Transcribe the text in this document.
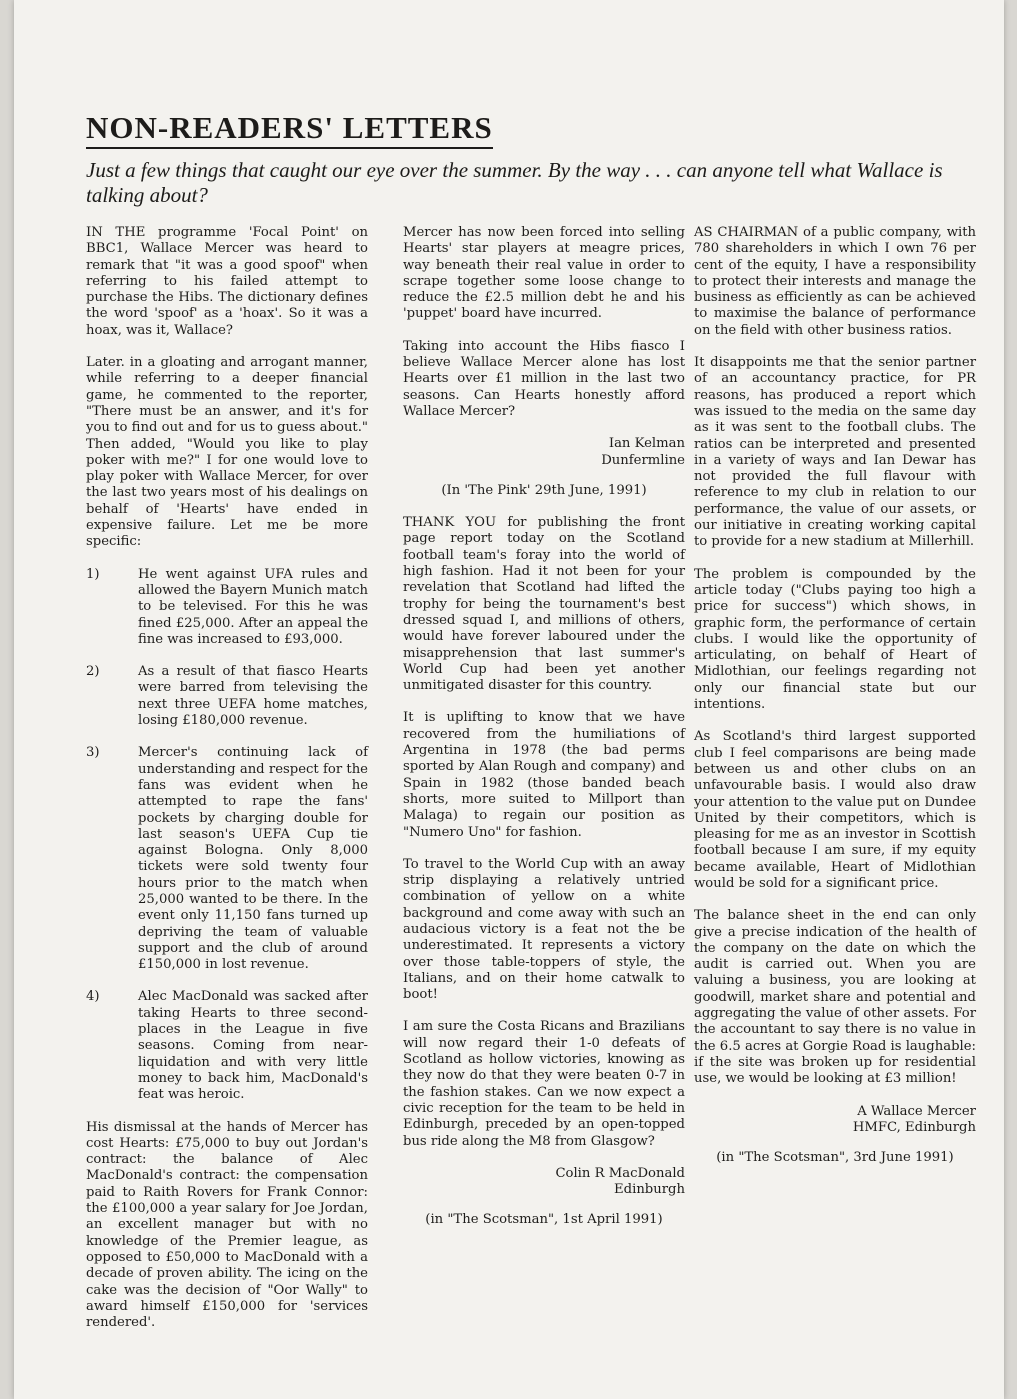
NON-READERS' LETTERS

Just a few things that caught our eye over the summer. By the way . . . can anyone tell what Wallace is talking about?

IN THE programme 'Focal Point' on BBC1, Wallace Mercer was heard to remark that "it was a good spoof" when referring to his failed attempt to purchase the Hibs. The dictionary defines the word 'spoof' as a 'hoax'. So it was a hoax, was it, Wallace?

Later. in a gloating and arrogant manner, while referring to a deeper financial game, he commented to the reporter, "There must be an answer, and it's for you to find out and for us to guess about." Then added, "Would you like to play poker with me?" I for one would love to play poker with Wallace Mercer, for over the last two years most of his dealings on behalf of 'Hearts' have ended in expensive failure. Let me be more specific:

1)	He went against UFA rules and allowed the Bayern Munich match to be televised. For this he was fined £25,000. After an appeal the fine was increased to £93,000.

2)	As a result of that fiasco Hearts were barred from televising the next three UEFA home matches, losing £180,000 revenue.

3)	Mercer's continuing lack of understanding and respect for the fans was evident when he attempted to rape the fans' pockets by charging double for last season's UEFA Cup tie against Bologna. Only 8,000 tickets were sold twenty four hours prior to the match when 25,000 wanted to be there. In the event only 11,150 fans turned up depriving the team of valuable support and the club of around £150,000 in lost revenue.

4)	Alec MacDonald was sacked after taking Hearts to three second-places in the League in five seasons. Coming from near-liquidation and with very little money to back him, MacDonald's feat was heroic.

His dismissal at the hands of Mercer has cost Hearts: £75,000 to buy out Jordan's contract: the balance of Alec MacDonald's contract: the compensation paid to Raith Rovers for Frank Connor: the £100,000 a year salary for Joe Jordan, an excellent manager but with no knowledge of the Premier league, as opposed to £50,000 to MacDonald with a decade of proven ability. The icing on the cake was the decision of "Oor Wally" to award himself £150,000 for 'services rendered'.

Mercer has now been forced into selling Hearts' star players at meagre prices, way beneath their real value in order to scrape together some loose change to reduce the £2.5 million debt he and his 'puppet' board have incurred.

Taking into account the Hibs fiasco I believe Wallace Mercer alone has lost Hearts over £1 million in the last two seasons. Can Hearts honestly afford Wallace Mercer?

Ian Kelman
Dunfermline
(In 'The Pink' 29th June, 1991)

THANK YOU for publishing the front page report today on the Scotland football team's foray into the world of high fashion. Had it not been for your revelation that Scotland had lifted the trophy for being the tournament's best dressed squad I, and millions of others, would have forever laboured under the misapprehension that last summer's World Cup had been yet another unmitigated disaster for this country.

It is uplifting to know that we have recovered from the humiliations of Argentina in 1978 (the bad perms sported by Alan Rough and company) and Spain in 1982 (those banded beach shorts, more suited to Millport than Malaga) to regain our position as "Numero Uno" for fashion.

To travel to the World Cup with an away strip displaying a relatively untried combination of yellow on a white background and come away with such an audacious victory is a feat not the be underestimated. It represents a victory over those table-toppers of style, the Italians, and on their home catwalk to boot!

I am sure the Costa Ricans and Brazilians will now regard their 1-0 defeats of Scotland as hollow victories, knowing as they now do that they were beaten 0-7 in the fashion stakes. Can we now expect a civic reception for the team to be held in Edinburgh, preceded by an open-topped bus ride along the M8 from Glasgow?

Colin R MacDonald
Edinburgh
(in "The Scotsman", 1st April 1991)

AS CHAIRMAN of a public company, with 780 shareholders in which I own 76 per cent of the equity, I have a responsibility to protect their interests and manage the business as efficiently as can be achieved to maximise the balance of performance on the field with other business ratios.

It disappoints me that the senior partner of an accountancy practice, for PR reasons, has produced a report which was issued to the media on the same day as it was sent to the football clubs. The ratios can be interpreted and presented in a variety of ways and Ian Dewar has not provided the full flavour with reference to my club in relation to our performance, the value of our assets, or our initiative in creating working capital to provide for a new stadium at Millerhill.

The problem is compounded by the article today ("Clubs paying too high a price for success") which shows, in graphic form, the performance of certain clubs. I would like the opportunity of articulating, on behalf of Heart of Midlothian, our feelings regarding not only our financial state but our intentions.

As Scotland's third largest supported club I feel comparisons are being made between us and other clubs on an unfavourable basis. I would also draw your attention to the value put on Dundee United by their competitors, which is pleasing for me as an investor in Scottish football because I am sure, if my equity became available, Heart of Midlothian would be sold for a significant price.

The balance sheet in the end can only give a precise indication of the health of the company on the date on which the audit is carried out. When you are valuing a business, you are looking at goodwill, market share and potential and aggregating the value of other assets. For the accountant to say there is no value in the 6.5 acres at Gorgie Road is laughable: if the site was broken up for residential use, we would be looking at £3 million!

A Wallace Mercer
HMFC, Edinburgh
(in "The Scotsman", 3rd June 1991)
